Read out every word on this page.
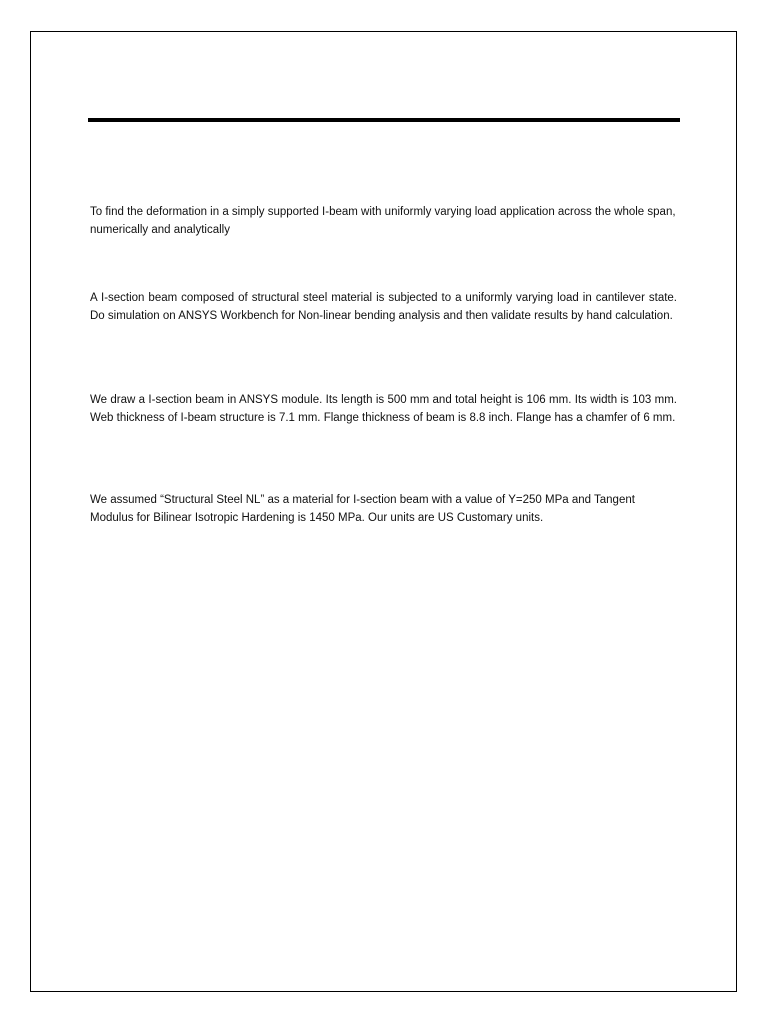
To find the deformation in a simply supported I-beam with uniformly varying load application across the whole span, numerically and analytically

A I-section beam composed of structural steel material is subjected to a uniformly varying load in cantilever state. Do simulation on ANSYS Workbench for Non-linear bending analysis and then validate results by hand calculation.

We draw a I-section beam in ANSYS module. Its length is 500 mm and total height is 106 mm. Its width is 103 mm. Web thickness of I-beam structure is 7.1 mm. Flange thickness of beam is 8.8 inch. Flange has a chamfer of 6 mm.

We assumed “Structural Steel NL” as a material for I-section beam with a value of Y=250 MPa and Tangent Modulus for Bilinear Isotropic Hardening is 1450 MPa. Our units are US Customary units.
